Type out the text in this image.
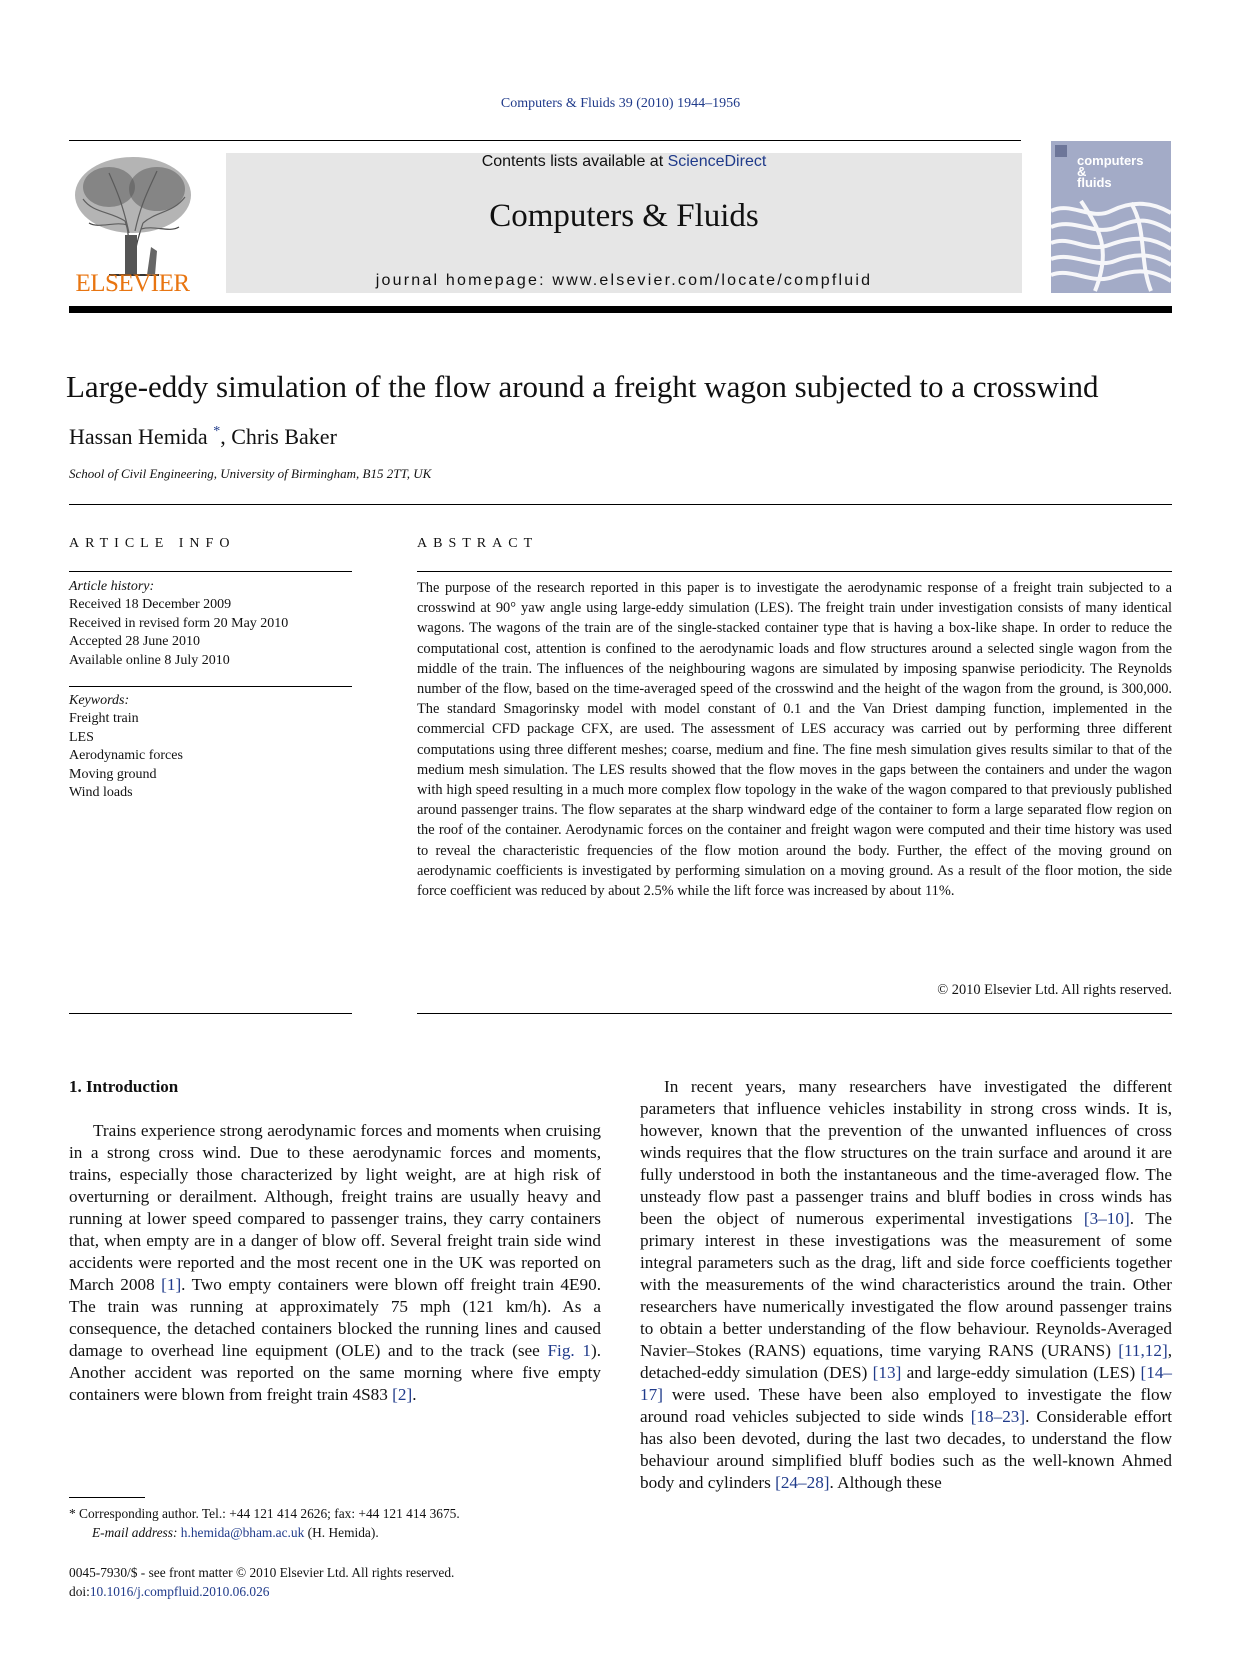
Computers & Fluids 39 (2010) 1944–1956
ELSEVIER
Contents lists available at ScienceDirect
Computers & Fluids
journal homepage: www.elsevier.com/locate/compfluid
computers
&
fluids
Large-eddy simulation of the flow around a freight wagon subjected to a crosswind
Hassan Hemida *, Chris Baker
School of Civil Engineering, University of Birmingham, B15 2TT, UK
ARTICLE INFO
Article history:
Received 18 December 2009
Received in revised form 20 May 2010
Accepted 28 June 2010
Available online 8 July 2010
Keywords:
Freight train
LES
Aerodynamic forces
Moving ground
Wind loads
ABSTRACT
The purpose of the research reported in this paper is to investigate the aerodynamic response of a freight train subjected to a crosswind at 90° yaw angle using large-eddy simulation (LES). The freight train under investigation consists of many identical wagons. The wagons of the train are of the single-stacked container type that is having a box-like shape. In order to reduce the computational cost, attention is confined to the aerodynamic loads and flow structures around a selected single wagon from the middle of the train. The influences of the neighbouring wagons are simulated by imposing spanwise periodicity. The Reynolds number of the flow, based on the time-averaged speed of the crosswind and the height of the wagon from the ground, is 300,000. The standard Smagorinsky model with model constant of 0.1 and the Van Driest damping function, implemented in the commercial CFD package CFX, are used. The assessment of LES accuracy was carried out by performing three different computations using three different meshes; coarse, medium and fine. The fine mesh simulation gives results similar to that of the medium mesh simulation. The LES results showed that the flow moves in the gaps between the containers and under the wagon with high speed resulting in a much more complex flow topology in the wake of the wagon compared to that previously published around passenger trains. The flow separates at the sharp windward edge of the container to form a large separated flow region on the roof of the container. Aerodynamic forces on the container and freight wagon were computed and their time history was used to reveal the characteristic frequencies of the flow motion around the body. Further, the effect of the moving ground on aerodynamic coefficients is investigated by performing simulation on a moving ground. As a result of the floor motion, the side force coefficient was reduced by about 2.5% while the lift force was increased by about 11%.
© 2010 Elsevier Ltd. All rights reserved.
1. Introduction
Trains experience strong aerodynamic forces and moments when cruising in a strong cross wind. Due to these aerodynamic forces and moments, trains, especially those characterized by light weight, are at high risk of overturning or derailment. Although, freight trains are usually heavy and running at lower speed compared to passenger trains, they carry containers that, when empty are in a danger of blow off. Several freight train side wind accidents were reported and the most recent one in the UK was reported on March 2008 [1]. Two empty containers were blown off freight train 4E90. The train was running at approximately 75 mph (121 km/h). As a consequence, the detached containers blocked the running lines and caused damage to overhead line equipment (OLE) and to the track (see Fig. 1). Another accident was reported on the same morning where five empty containers were blown from freight train 4S83 [2].
In recent years, many researchers have investigated the different parameters that influence vehicles instability in strong cross winds. It is, however, known that the prevention of the unwanted influences of cross winds requires that the flow structures on the train surface and around it are fully understood in both the instantaneous and the time-averaged flow. The unsteady flow past a passenger trains and bluff bodies in cross winds has been the object of numerous experimental investigations [3–10]. The primary interest in these investigations was the measurement of some integral parameters such as the drag, lift and side force coefficients together with the measurements of the wind characteristics around the train. Other researchers have numerically investigated the flow around passenger trains to obtain a better understanding of the flow behaviour. Reynolds-Averaged Navier–Stokes (RANS) equations, time varying RANS (URANS) [11,12], detached-eddy simulation (DES) [13] and large-eddy simulation (LES) [14–17] were used. These have been also employed to investigate the flow around road vehicles subjected to side winds [18–23]. Considerable effort has also been devoted, during the last two decades, to understand the flow behaviour around simplified bluff bodies such as the well-known Ahmed body and cylinders [24–28]. Although these
* Corresponding author. Tel.: +44 121 414 2626; fax: +44 121 414 3675.
E-mail address: h.hemida@bham.ac.uk (H. Hemida).
0045-7930/$ - see front matter © 2010 Elsevier Ltd. All rights reserved.
doi:10.1016/j.compfluid.2010.06.026
